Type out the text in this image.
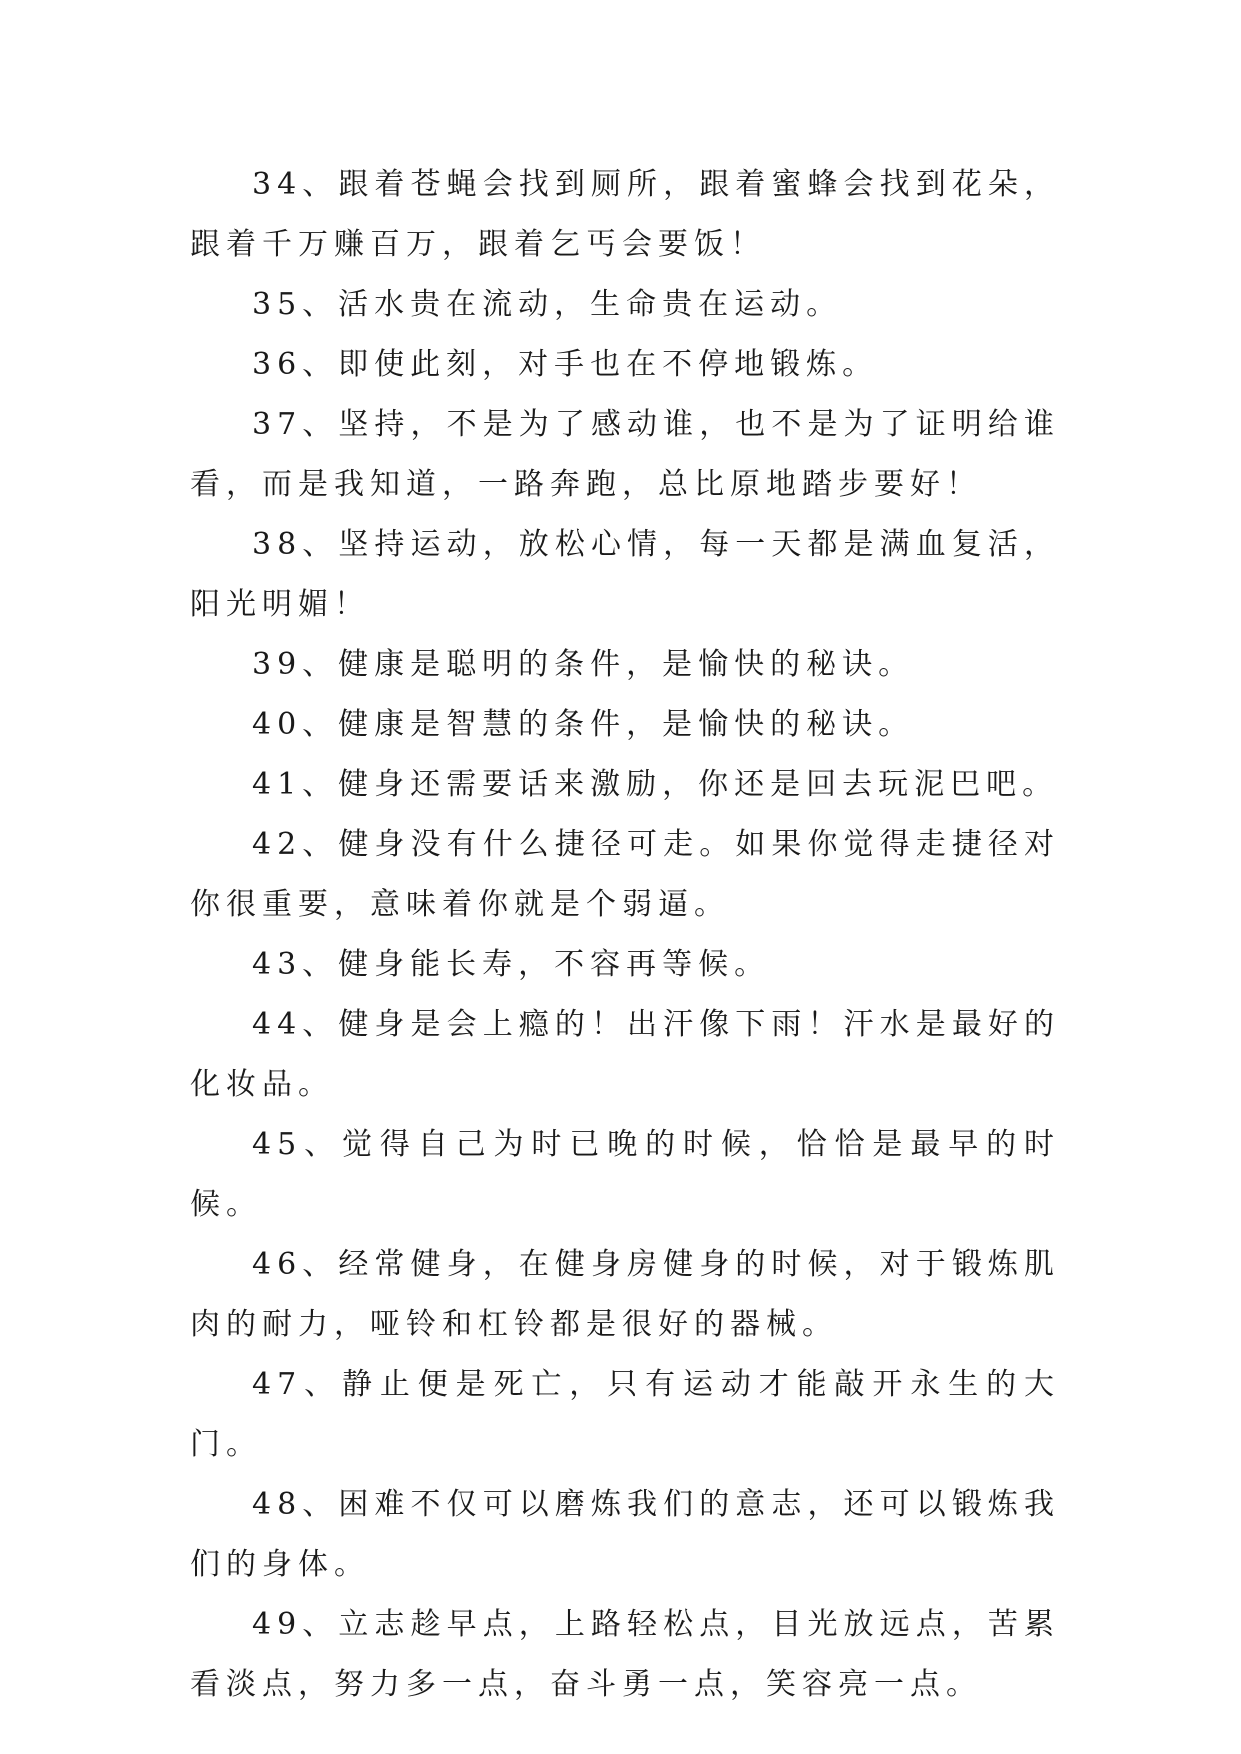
34、跟着苍蝇会找到厕所，跟着蜜蜂会找到花朵，跟着千万赚百万，跟着乞丐会要饭！

35、活水贵在流动，生命贵在运动。

36、即使此刻，对手也在不停地锻炼。

37、坚持，不是为了感动谁，也不是为了证明给谁看，而是我知道，一路奔跑，总比原地踏步要好！

38、坚持运动，放松心情，每一天都是满血复活，阳光明媚！

39、健康是聪明的条件，是愉快的秘诀。

40、健康是智慧的条件，是愉快的秘诀。

41、健身还需要话来激励，你还是回去玩泥巴吧。

42、健身没有什么捷径可走。如果你觉得走捷径对你很重要，意味着你就是个弱逼。

43、健身能长寿，不容再等候。

44、健身是会上瘾的！出汗像下雨！汗水是最好的化妆品。

45、觉得自己为时已晚的时候，恰恰是最早的时候。

46、经常健身，在健身房健身的时候，对于锻炼肌肉的耐力，哑铃和杠铃都是很好的器械。

47、静止便是死亡，只有运动才能敲开永生的大门。

48、困难不仅可以磨炼我们的意志，还可以锻炼我们的身体。

49、立志趁早点，上路轻松点，目光放远点，苦累看淡点，努力多一点，奋斗勇一点，笑容亮一点。
